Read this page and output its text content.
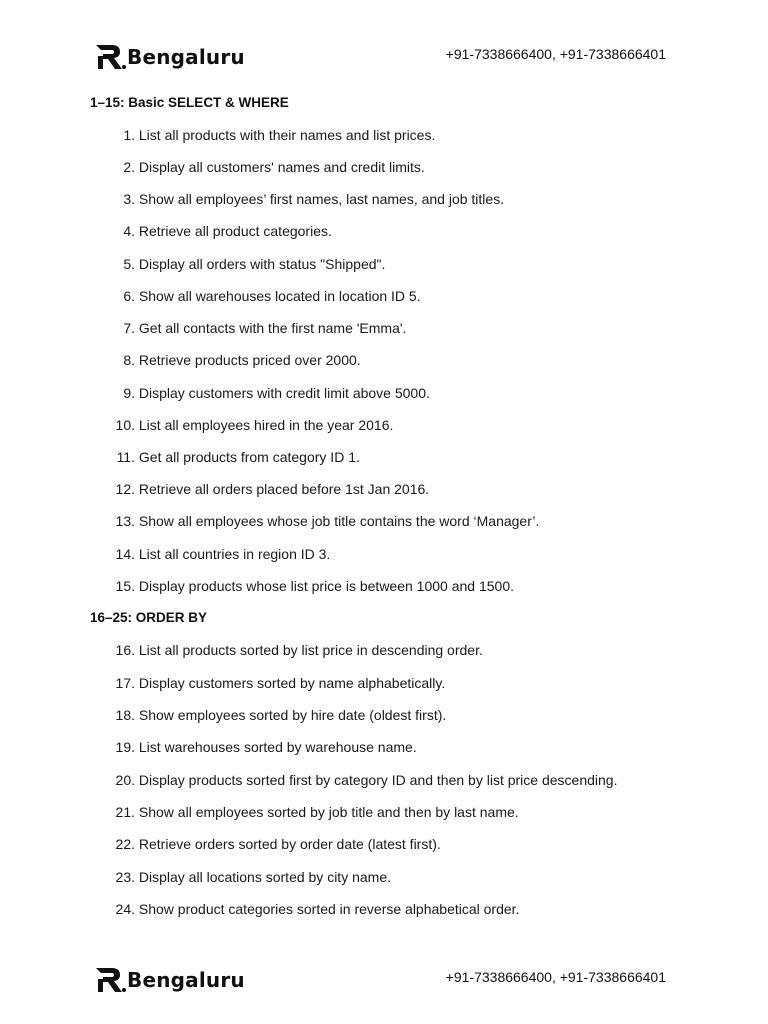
Bengaluru	+91-7338666400, +91-7338666401
1–15: Basic SELECT & WHERE
1. List all products with their names and list prices.
2. Display all customers' names and credit limits.
3. Show all employees’ first names, last names, and job titles.
4. Retrieve all product categories.
5. Display all orders with status "Shipped".
6. Show all warehouses located in location ID 5.
7. Get all contacts with the first name 'Emma'.
8. Retrieve products priced over 2000.
9. Display customers with credit limit above 5000.
10. List all employees hired in the year 2016.
11. Get all products from category ID 1.
12. Retrieve all orders placed before 1st Jan 2016.
13. Show all employees whose job title contains the word ‘Manager’.
14. List all countries in region ID 3.
15. Display products whose list price is between 1000 and 1500.
16–25: ORDER BY
16. List all products sorted by list price in descending order.
17. Display customers sorted by name alphabetically.
18. Show employees sorted by hire date (oldest first).
19. List warehouses sorted by warehouse name.
20. Display products sorted first by category ID and then by list price descending.
21. Show all employees sorted by job title and then by last name.
22. Retrieve orders sorted by order date (latest first).
23. Display all locations sorted by city name.
24. Show product categories sorted in reverse alphabetical order.
Bengaluru	+91-7338666400, +91-7338666401
